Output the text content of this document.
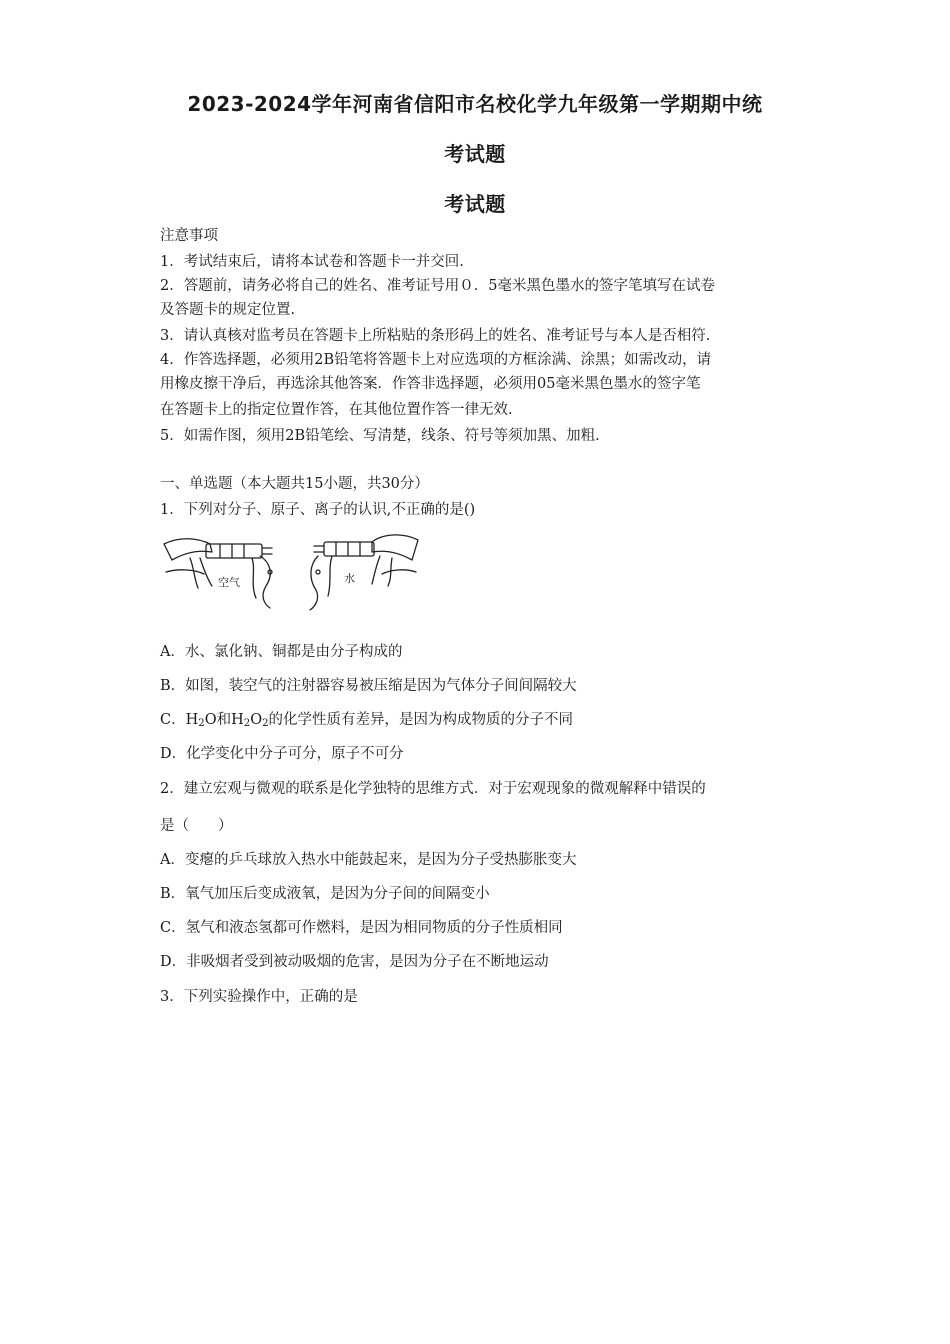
2023-2024学年河南省信阳市名校化学九年级第一学期期中统
考试题
考试题

注意事项

1．考试结束后，请将本试卷和答题卡一并交回.

2．答题前，请务必将自己的姓名、准考证号用０．5毫米黑色墨水的签字笔填写在试卷

及答题卡的规定位置.

3．请认真核对监考员在答题卡上所粘贴的条形码上的姓名、准考证号与本人是否相符.

4．作答选择题，必须用2B铅笔将答题卡上对应选项的方框涂满、涂黑；如需改动，请

用橡皮擦干净后，再选涂其他答案．作答非选择题，必须用05毫米黑色墨水的签字笔

在答题卡上的指定位置作答，在其他位置作答一律无效.

5．如需作图，须用2B铅笔绘、写清楚，线条、符号等须加黑、加粗.

一、单选题（本大题共15小题，共30分）

1．下列对分子、原子、离子的认识,不正确的是()

空气	水

A．水、氯化钠、铜都是由分子构成的

B．如图，装空气的注射器容易被压缩是因为气体分子间间隔较大

C．$H_2O$和$H_2O_2$的化学性质有差异，是因为构成物质的分子不同

D．化学变化中分子可分，原子不可分

2．建立宏观与微观的联系是化学独特的思维方式．对于宏观现象的微观解释中错误的

是（　　）

A．变瘪的乒乓球放入热水中能鼓起来，是因为分子受热膨胀变大

B．氧气加压后变成液氧，是因为分子间的间隔变小

C．氢气和液态氢都可作燃料，是因为相同物质的分子性质相同

D．非吸烟者受到被动吸烟的危害，是因为分子在不断地运动

3．下列实验操作中，正确的是
